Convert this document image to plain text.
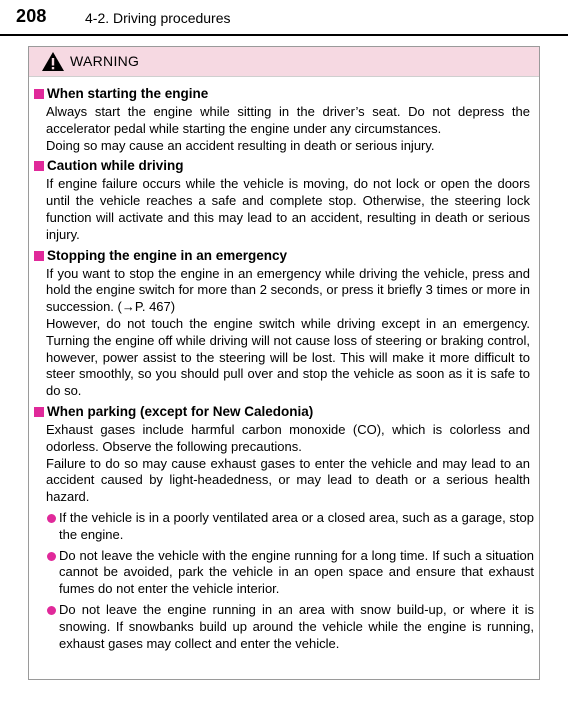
208	4-2. Driving procedures
WARNING
When starting the engine
Always start the engine while sitting in the driver’s seat. Do not depress the accelerator pedal while starting the engine under any circumstances.
Doing so may cause an accident resulting in death or serious injury.
Caution while driving
If engine failure occurs while the vehicle is moving, do not lock or open the doors until the vehicle reaches a safe and complete stop. Otherwise, the steering lock function will activate and this may lead to an accident, resulting in death or serious injury.
Stopping the engine in an emergency
If you want to stop the engine in an emergency while driving the vehicle, press and hold the engine switch for more than 2 seconds, or press it briefly 3 times or more in succession. (→P. 467)
However, do not touch the engine switch while driving except in an emergency. Turning the engine off while driving will not cause loss of steering or braking control, however, power assist to the steering will be lost. This will make it more difficult to steer smoothly, so you should pull over and stop the vehicle as soon as it is safe to do so.
When parking (except for New Caledonia)
Exhaust gases include harmful carbon monoxide (CO), which is colorless and odorless. Observe the following precautions.
Failure to do so may cause exhaust gases to enter the vehicle and may lead to an accident caused by light-headedness, or may lead to death or a serious health hazard.
If the vehicle is in a poorly ventilated area or a closed area, such as a garage, stop the engine.
Do not leave the vehicle with the engine running for a long time. If such a situation cannot be avoided, park the vehicle in an open space and ensure that exhaust fumes do not enter the vehicle interior.
Do not leave the engine running in an area with snow build-up, or where it is snowing. If snowbanks build up around the vehicle while the engine is running, exhaust gases may collect and enter the vehicle.
